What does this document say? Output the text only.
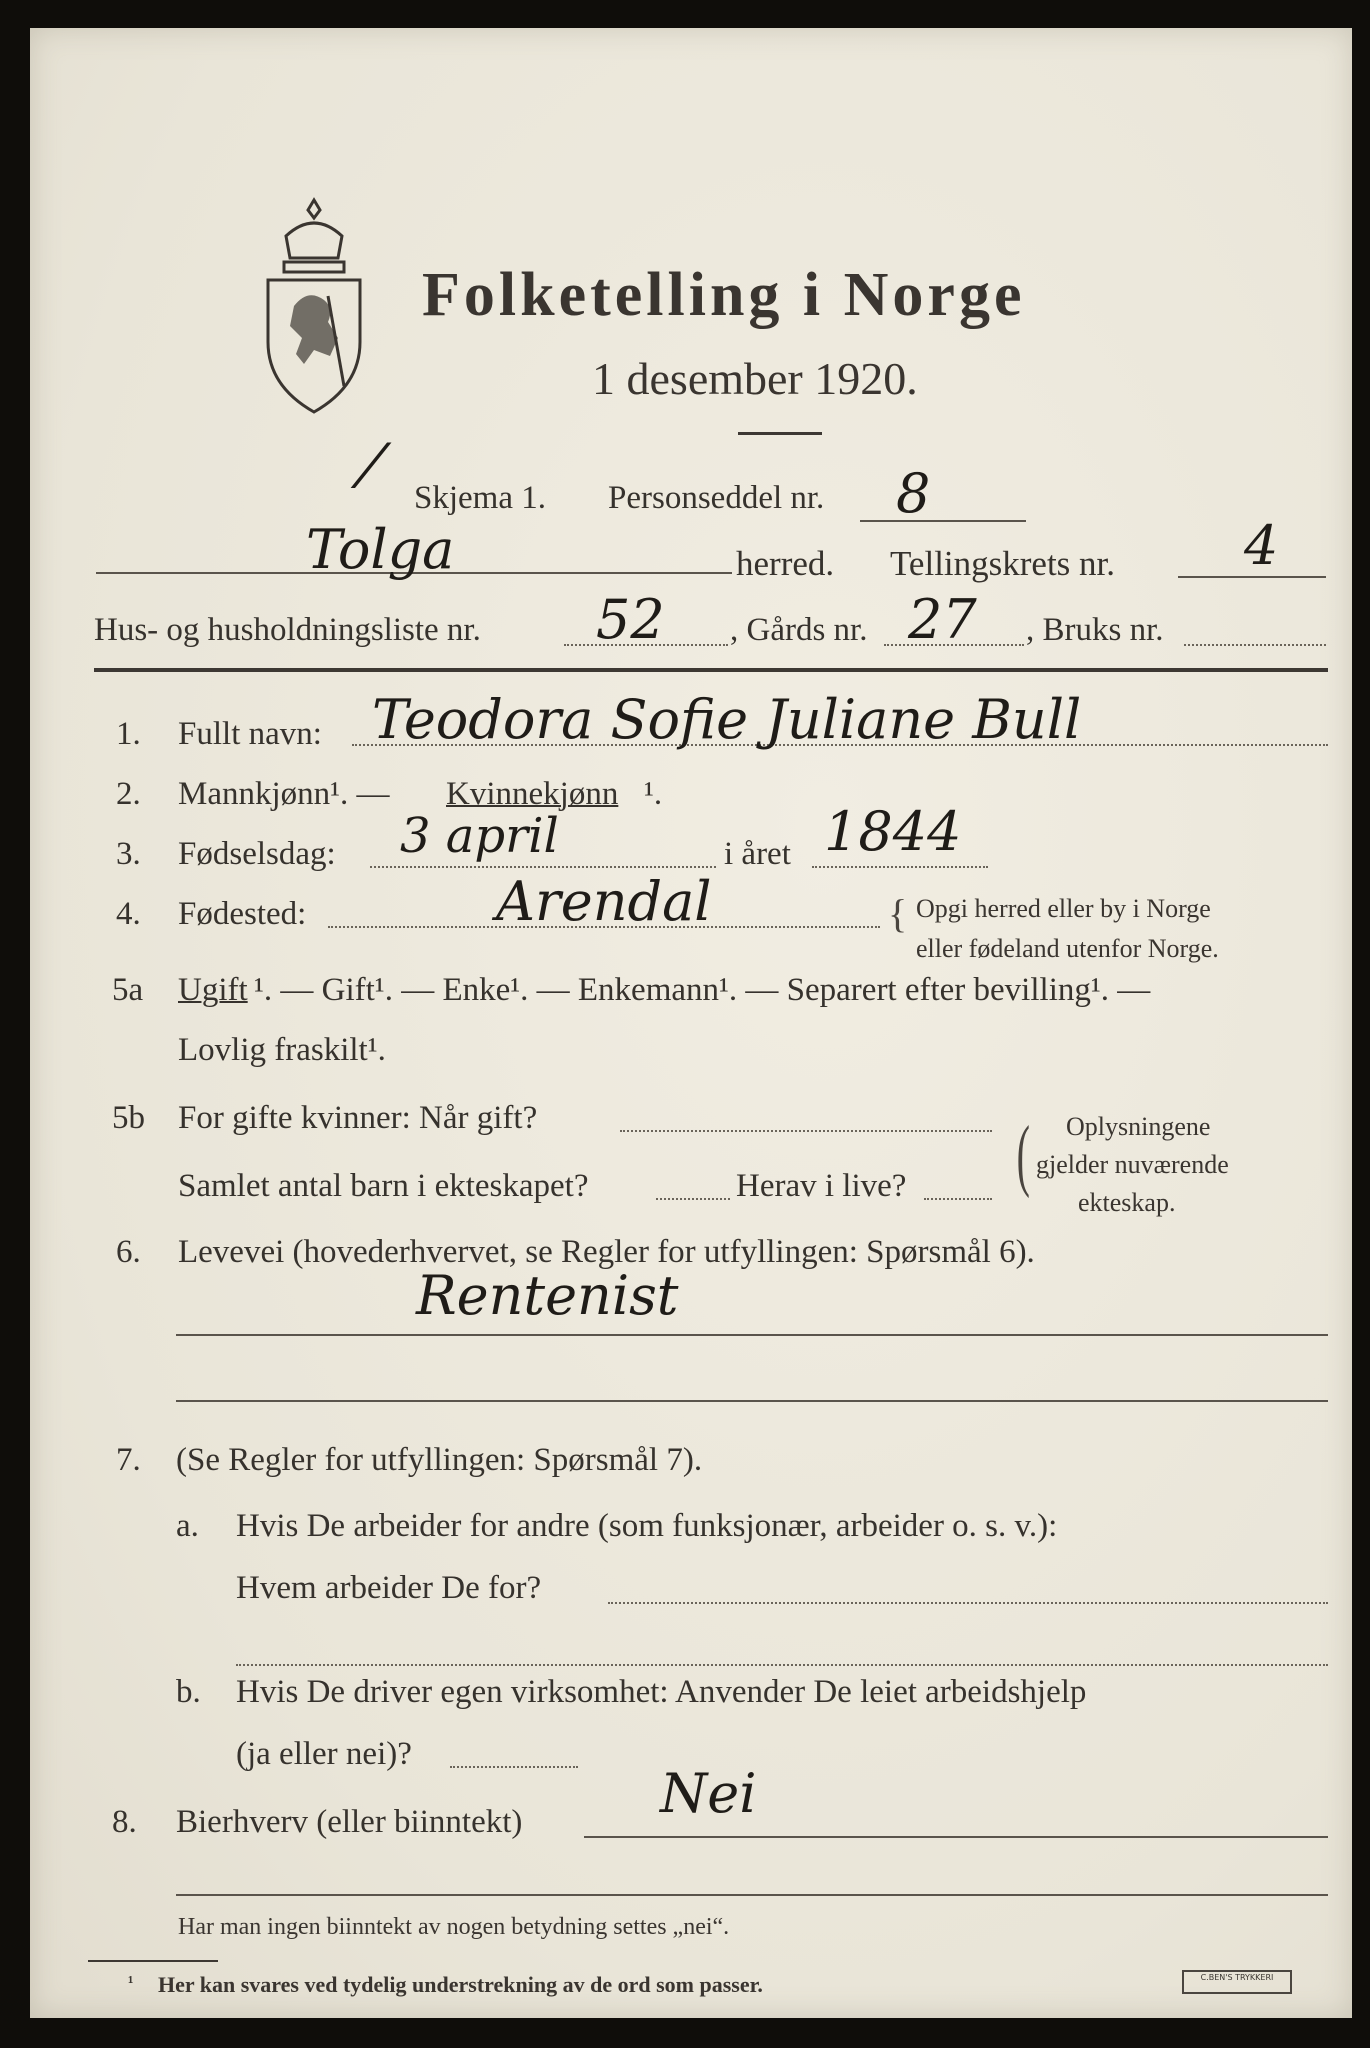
Folketelling i Norge
1 desember 1920.
⁄ Skjema 1. Personseddel nr. 8
Tolga	herred. Tellingskrets nr. 4
Hus- og husholdningsliste nr. 52 , Gårds nr. 27 , Bruks nr.
1. Fullt navn: Teodora Sofie Juliane Bull
2. Mannkjønn¹. — Kvinnekjønn ¹.
3. Fødselsdag: 3 april	i året 1844
4. Fødested:	Arendal	{ Opgi herred eller by i Norge
eller fødeland utenfor Norge.
5a Ugift ¹. — Gift¹. — Enke¹. — Enkemann¹. — Separert efter bevilling¹. —
Lovlig fraskilt¹.
5b For gifte kvinner: Når gift?
Samlet antal barn i ekteskapet?	Herav i live? ( Oplysningene
gjelder nuværende
ekteskap.
6. Levevei (hovederhvervet, se Regler for utfyllingen: Spørsmål 6).
Rentenist
7. (Se Regler for utfyllingen: Spørsmål 7).
a. Hvis De arbeider for andre (som funksjonær, arbeider o. s. v.):
Hvem arbeider De for?
b. Hvis De driver egen virksomhet: Anvender De leiet arbeidshjelp
(ja eller nei)?
8. Bierhverv (eller biinntekt)	Nei
Har man ingen biinntekt av nogen betydning settes „nei“.
¹ Her kan svares ved tydelig understrekning av de ord som passer.	C.BEN'S TRYKKERI
